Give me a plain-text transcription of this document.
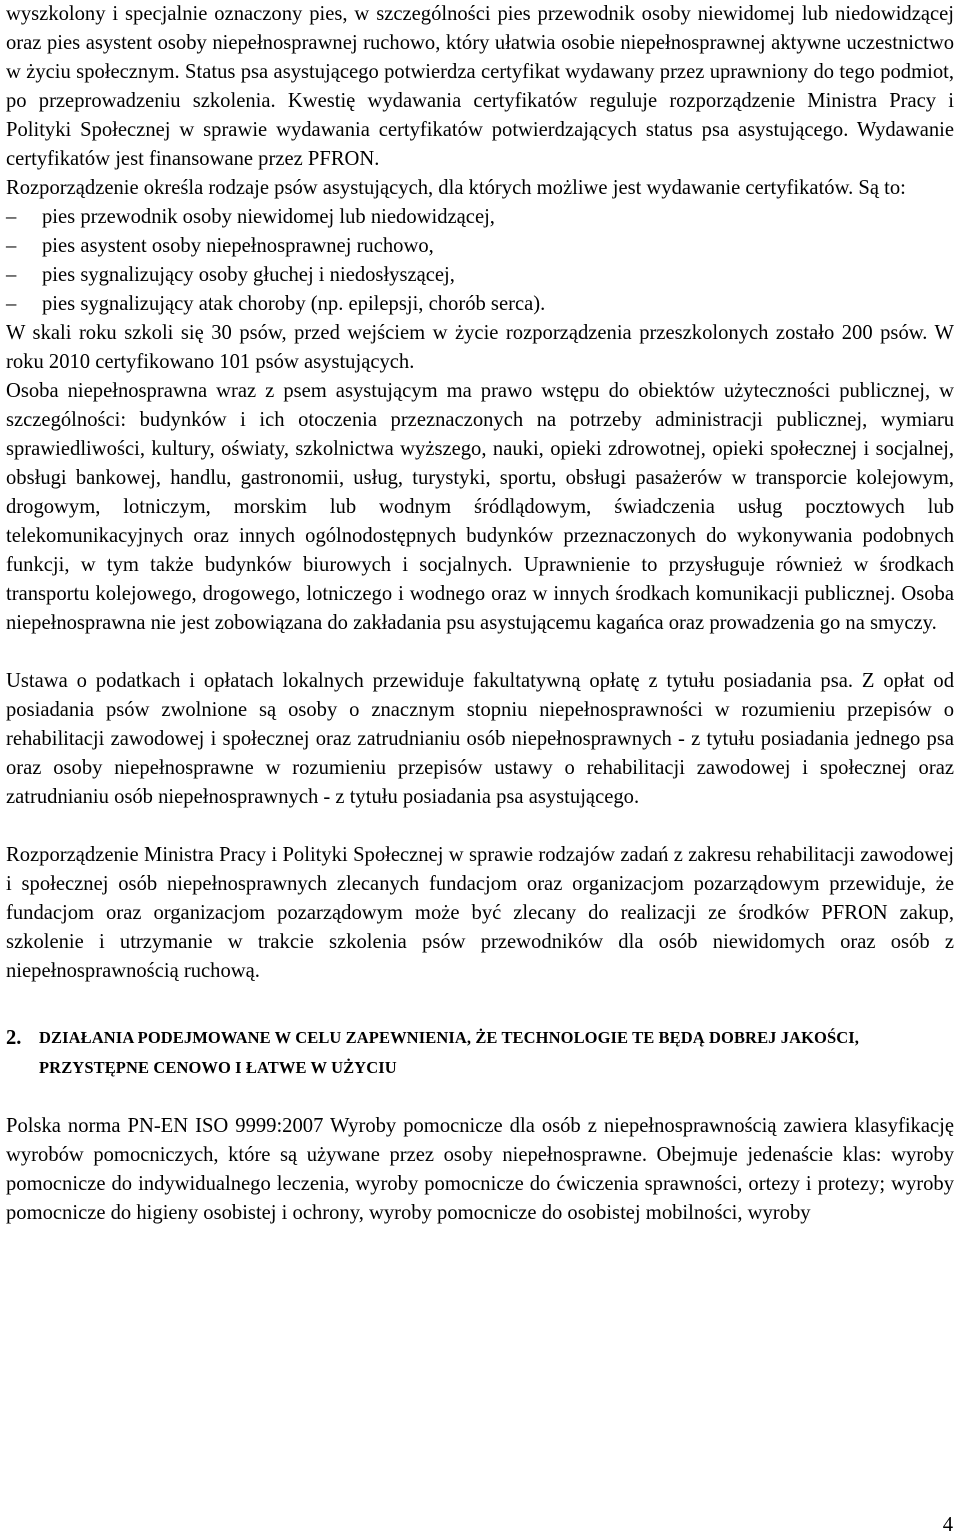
wyszkolony i specjalnie oznaczony pies, w szczególności pies przewodnik osoby niewidomej lub niedowidzącej oraz pies asystent osoby niepełnosprawnej ruchowo, który ułatwia osobie niepełnosprawnej aktywne uczestnictwo w życiu społecznym. Status psa asystującego potwierdza certyfikat wydawany przez uprawniony do tego podmiot, po przeprowadzeniu szkolenia. Kwestię wydawania certyfikatów reguluje rozporządzenie Ministra Pracy i Polityki Społecznej w sprawie wydawania certyfikatów potwierdzających status psa asystującego. Wydawanie certyfikatów jest finansowane przez PFRON.

Rozporządzenie określa rodzaje psów asystujących, dla których możliwe jest wydawanie certyfikatów. Są to:

–	pies przewodnik osoby niewidomej lub niedowidzącej,
–	pies asystent osoby niepełnosprawnej ruchowo,
–	pies sygnalizujący osoby głuchej i niedosłyszącej,
–	pies sygnalizujący atak choroby (np. epilepsji, chorób serca).

W skali roku szkoli się 30 psów, przed wejściem w życie rozporządzenia przeszkolonych zostało 200 psów. W roku 2010 certyfikowano 101 psów asystujących.

Osoba niepełnosprawna wraz z psem asystującym ma prawo wstępu do obiektów użyteczności publicznej, w szczególności: budynków i ich otoczenia przeznaczonych na potrzeby administracji publicznej, wymiaru sprawiedliwości, kultury, oświaty, szkolnictwa wyższego, nauki, opieki zdrowotnej, opieki społecznej i socjalnej, obsługi bankowej, handlu, gastronomii, usług, turystyki, sportu, obsługi pasażerów w transporcie kolejowym, drogowym, lotniczym, morskim lub wodnym śródlądowym, świadczenia usług pocztowych lub telekomunikacyjnych oraz innych ogólnodostępnych budynków przeznaczonych do wykonywania podobnych funkcji, w tym także budynków biurowych i socjalnych. Uprawnienie to przysługuje również w środkach transportu kolejowego, drogowego, lotniczego i wodnego oraz w innych środkach komunikacji publicznej. Osoba niepełnosprawna nie jest zobowiązana do zakładania psu asystującemu kagańca oraz prowadzenia go na smyczy.

Ustawa o podatkach i opłatach lokalnych przewiduje fakultatywną opłatę z tytułu posiadania psa. Z opłat od posiadania psów zwolnione są osoby o znacznym stopniu niepełnosprawności w rozumieniu przepisów o rehabilitacji zawodowej i społecznej oraz zatrudnianiu osób niepełnosprawnych - z tytułu posiadania jednego psa oraz osoby niepełnosprawne w rozumieniu przepisów ustawy o rehabilitacji zawodowej i społecznej oraz zatrudnianiu osób niepełnosprawnych - z tytułu posiadania psa asystującego.

Rozporządzenie Ministra Pracy i Polityki Społecznej w sprawie rodzajów zadań z zakresu rehabilitacji zawodowej i społecznej osób niepełnosprawnych zlecanych fundacjom oraz organizacjom pozarządowym przewiduje, że fundacjom oraz organizacjom pozarządowym może być zlecany do realizacji ze środków PFRON zakup, szkolenie i utrzymanie w trakcie szkolenia psów przewodników dla osób niewidomych oraz osób z niepełnosprawnością ruchową.

2. DZIAŁANIA PODEJMOWANE W CELU ZAPEWNIENIA, ŻE TECHNOLOGIE TE BĘDĄ DOBREJ JAKOŚCI, PRZYSTĘPNE CENOWO I ŁATWE W UŻYCIU

Polska norma PN-EN ISO 9999:2007 Wyroby pomocnicze dla osób z niepełnosprawnością zawiera klasyfikację wyrobów pomocniczych, które są używane przez osoby niepełnosprawne. Obejmuje jedenaście klas: wyroby pomocnicze do indywidualnego leczenia, wyroby pomocnicze do ćwiczenia sprawności, ortezy i protezy; wyroby pomocnicze do higieny osobistej i ochrony, wyroby pomocnicze do osobistej mobilności, wyroby

4
